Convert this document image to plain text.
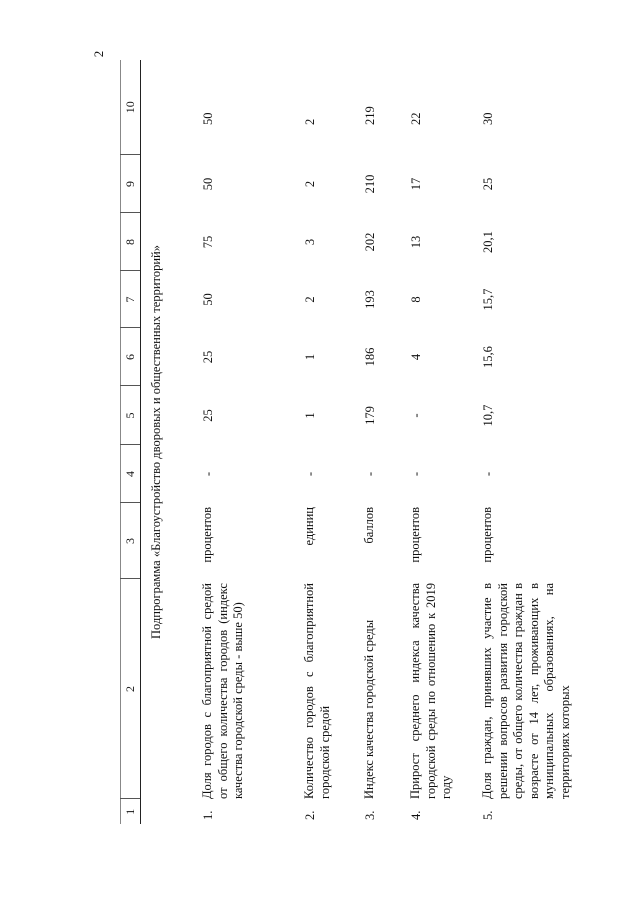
2
1	2	3	4	5	6	7	8	9	10
Подпрограмма «Благоустройство дворовых и общественных территорий»									
1.	Доля городов с благоприятной средой от общего количества городов (индекс качества городской среды - выше 50)	процентов	-	25	25	50	75	50	50
2.	Количество городов с благоприятной городской средой	единиц	-	1	1	2	3	2	2
3.	Индекс качества городской среды	баллов	-	179	186	193	202	210	219
4.	Прирост среднего индекса качества городской среды по отношению к 2019 году	процентов	-	-	4	8	13	17	22
5.	Доля граждан, принявших участие в решении вопросов развития городской среды, от общего количества граждан в возрасте от 14 лет, проживающих в муниципальных образованиях, на территориях которых	процентов	-	10,7	15,6	15,7	20,1	25	30
